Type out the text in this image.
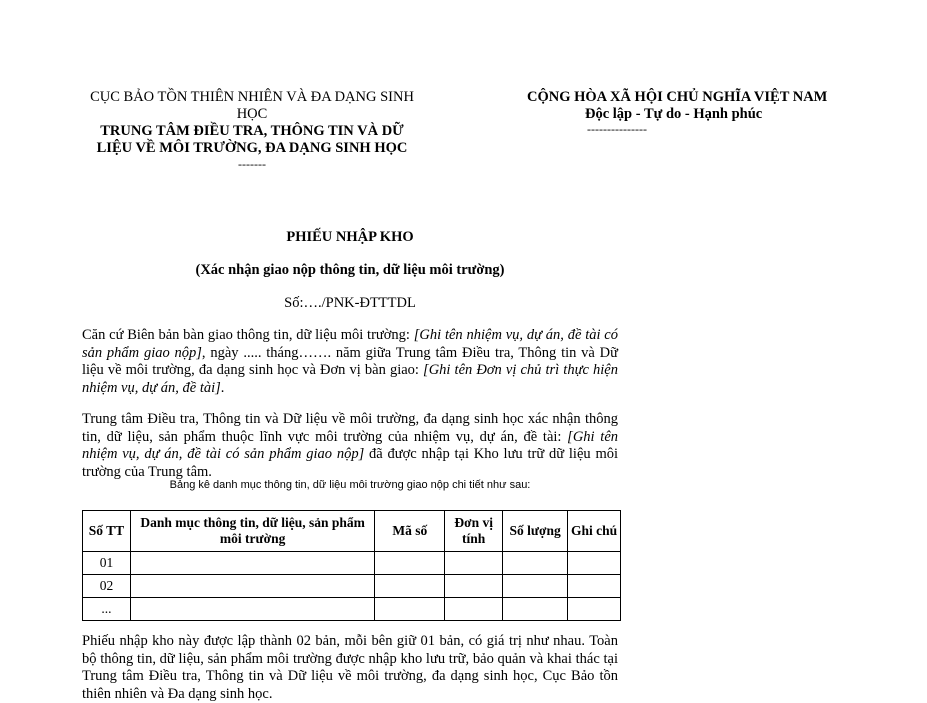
CỤC BẢO TỒN THIÊN NHIÊN VÀ ĐA DẠNG SINH HỌC
TRUNG TÂM ĐIỀU TRA, THÔNG TIN VÀ DỮ LIỆU VỀ MÔI TRƯỜNG, ĐA DẠNG SINH HỌC
-------
CỘNG HÒA XÃ HỘI CHỦ NGHĨA VIỆT NAM
Độc lập - Tự do - Hạnh phúc
---------------
PHIẾU NHẬP KHO
(Xác nhận giao nộp thông tin, dữ liệu môi trường)
Số:…./PNK-ĐTTTDL
Căn cứ Biên bản bàn giao thông tin, dữ liệu môi trường: [Ghi tên nhiệm vụ, dự án, đề tài có sản phẩm giao nộp], ngày ..... tháng……. năm giữa Trung tâm Điều tra, Thông tin và Dữ liệu về môi trường, đa dạng sinh học và Đơn vị bàn giao: [Ghi tên Đơn vị chủ trì thực hiện nhiệm vụ, dự án, đề tài].
Trung tâm Điều tra, Thông tin và Dữ liệu về môi trường, đa dạng sinh học xác nhận thông tin, dữ liệu, sản phẩm thuộc lĩnh vực môi trường của nhiệm vụ, dự án, đề tài: [Ghi tên nhiệm vụ, dự án, đề tài có sản phẩm giao nộp] đã được nhập tại Kho lưu trữ dữ liệu môi trường của Trung tâm.
Bảng kê danh mục thông tin, dữ liệu môi trường giao nộp chi tiết như sau:
Số TT	Danh mục thông tin, dữ liệu, sản phẩm môi trường	Mã số	Đơn vị tính	Số lượng	Ghi chú
01					
02					
...					
Phiếu nhập kho này được lập thành 02 bản, mỗi bên giữ 01 bản, có giá trị như nhau. Toàn bộ thông tin, dữ liệu, sản phẩm môi trường được nhập kho lưu trữ, bảo quản và khai thác tại Trung tâm Điều tra, Thông tin và Dữ liệu về môi trường, đa dạng sinh học, Cục Bảo tồn thiên nhiên và Đa dạng sinh học.
